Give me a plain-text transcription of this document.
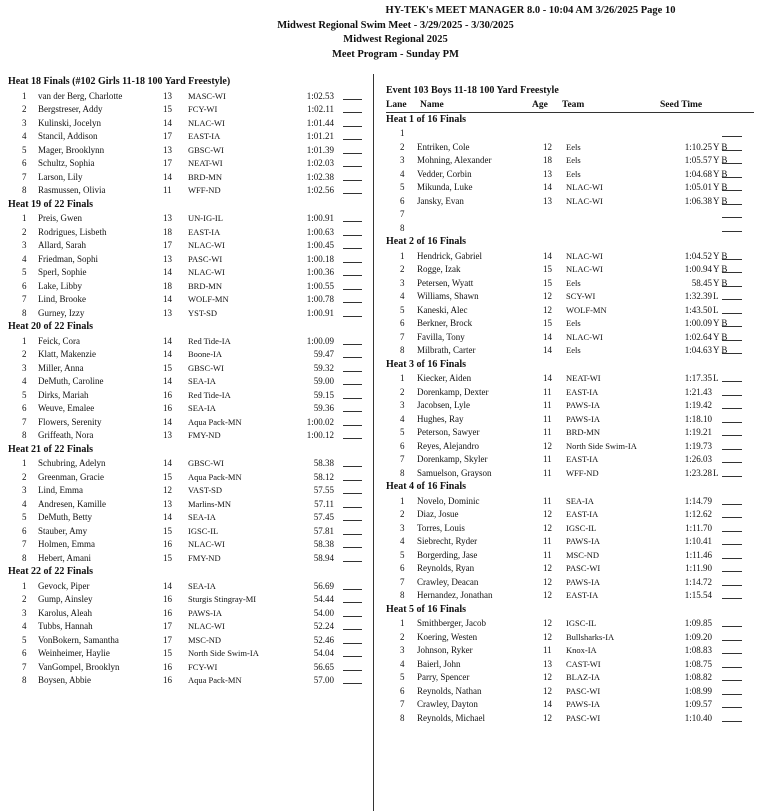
HY-TEK's MEET MANAGER 8.0 - 10:04 AM 3/26/2025 Page 10
Midwest Regional Swim Meet - 3/29/2025 - 3/30/2025
Midwest Regional 2025
Meet Program - Sunday PM
Heat 18 Finals (#102 Girls 11-18 100 Yard Freestyle)
1	van der Berg, Charlotte	13 MASC-WI	1:02.53
2	Bergstreser, Addy	15 FCY-WI	1:02.11
3	Kulinski, Jocelyn	14 NLAC-WI	1:01.44
4	Stancil, Addison	17 EAST-IA	1:01.21
5	Mager, Brooklynn	13 GBSC-WI	1:01.39
6	Schultz, Sophia	17 NEAT-WI	1:02.03
7	Larson, Lily	14 BRD-MN	1:02.38
8	Rasmussen, Olivia	11 WFF-ND	1:02.56
Heat 19 of 22 Finals
1	Preis, Gwen	13 UN-IG-IL	1:00.91
2	Rodrigues, Lisbeth	18 EAST-IA	1:00.63
3	Allard, Sarah	17 NLAC-WI	1:00.45
4	Friedman, Sophi	13 PASC-WI	1:00.18
5	Sperl, Sophie	14 NLAC-WI	1:00.36
6	Lake, Libby	18 BRD-MN	1:00.55
7	Lind, Brooke	14 WOLF-MN	1:00.78
8	Gurney, Izzy	13 YST-SD	1:00.91
Heat 20 of 22 Finals
1	Feick, Cora	14 Red Tide-IA	1:00.09
2	Klatt, Makenzie	14 Boone-IA	59.47
3	Miller, Anna	15 GBSC-WI	59.32
4	DeMuth, Caroline	14 SEA-IA	59.00
5	Dirks, Mariah	16 Red Tide-IA	59.15
6	Weuve, Emalee	16 SEA-IA	59.36
7	Flowers, Serenity	14 Aqua Pack-MN	1:00.02
8	Griffeath, Nora	13 FMY-ND	1:00.12
Heat 21 of 22 Finals
1	Schubring, Adelyn	14 GBSC-WI	58.38
2	Greenman, Gracie	15 Aqua Pack-MN	58.12
3	Lind, Emma	12 VAST-SD	57.55
4	Andresen, Kamille	13 Marlins-MN	57.11
5	DeMuth, Betty	14 SEA-IA	57.45
6	Stauber, Amy	15 IGSC-IL	57.81
7	Holmen, Emma	16 NLAC-WI	58.38
8	Hebert, Amani	15 FMY-ND	58.94
Heat 22 of 22 Finals
1	Gevock, Piper	14 SEA-IA	56.69
2	Gump, Ainsley	16 Sturgis Stingray-MI	54.44
3	Karolus, Aleah	16 PAWS-IA	54.00
4	Tubbs, Hannah	17 NLAC-WI	52.24
5	VonBokern, Samantha	17 MSC-ND	52.46
6	Weinheimer, Haylie	15 North Side Swim-IA	54.04
7	VanGompel, Brooklyn	16 FCY-WI	56.65
8	Boysen, Abbie	16 Aqua Pack-MN	57.00
Event 103 Boys 11-18 100 Yard Freestyle
Lane Name	Age Team	Seed Time
Heat 1 of 16 Finals
1
2 Entriken, Cole	12 Eels	1:10.25 Y B
3 Mohning, Alexander	18 Eels	1:05.57 Y B
4 Vedder, Corbin	13 Eels	1:04.68 Y B
5 Mikunda, Luke	14 NLAC-WI	1:05.01 Y B
6 Jansky, Evan	13 NLAC-WI	1:06.38 Y B
7
8
Heat 2 of 16 Finals
1 Hendrick, Gabriel	14 NLAC-WI	1:04.52 Y B
2 Rogge, Izak	15 NLAC-WI	1:00.94 Y B
3 Petersen, Wyatt	15 Eels	58.45 Y B
4 Williams, Shawn	12 SCY-WI	1:32.39 L
5 Kaneski, Alec	12 WOLF-MN	1:43.50 L
6 Berkner, Brock	15 Eels	1:00.09 Y B
7 Favilla, Tony	14 NLAC-WI	1:02.64 Y B
8 Milbrath, Carter	14 Eels	1:04.63 Y B
Heat 3 of 16 Finals
1 Kiecker, Aiden	14 NEAT-WI	1:17.35 L
2 Dorenkamp, Dexter	11 EAST-IA	1:21.43
3 Jacobsen, Lyle	11 PAWS-IA	1:19.42
4 Hughes, Ray	11 PAWS-IA	1:18.10
5 Peterson, Sawyer	11 BRD-MN	1:19.21
6 Reyes, Alejandro	12 North Side Swim-IA	1:19.73
7 Dorenkamp, Skyler	11 EAST-IA	1:26.03
8 Samuelson, Grayson	11 WFF-ND	1:23.28 L
Heat 4 of 16 Finals
1 Novelo, Dominic	11 SEA-IA	1:14.79
2 Diaz, Josue	12 EAST-IA	1:12.62
3 Torres, Louis	12 IGSC-IL	1:11.70
4 Siebrecht, Ryder	11 PAWS-IA	1:10.41
5 Borgerding, Jase	11 MSC-ND	1:11.46
6 Reynolds, Ryan	12 PASC-WI	1:11.90
7 Crawley, Deacan	12 PAWS-IA	1:14.72
8 Hernandez, Jonathan	12 EAST-IA	1:15.54
Heat 5 of 16 Finals
1 Smithberger, Jacob	12 IGSC-IL	1:09.85
2 Koering, Westen	12 Bullsharks-IA	1:09.20
3 Johnson, Ryker	11 Knox-IA	1:08.83
4 Baierl, John	13 CAST-WI	1:08.75
5 Parry, Spencer	12 BLAZ-IA	1:08.82
6 Reynolds, Nathan	12 PASC-WI	1:08.99
7 Crawley, Dayton	14 PAWS-IA	1:09.57
8 Reynolds, Michael	12 PASC-WI	1:10.40
